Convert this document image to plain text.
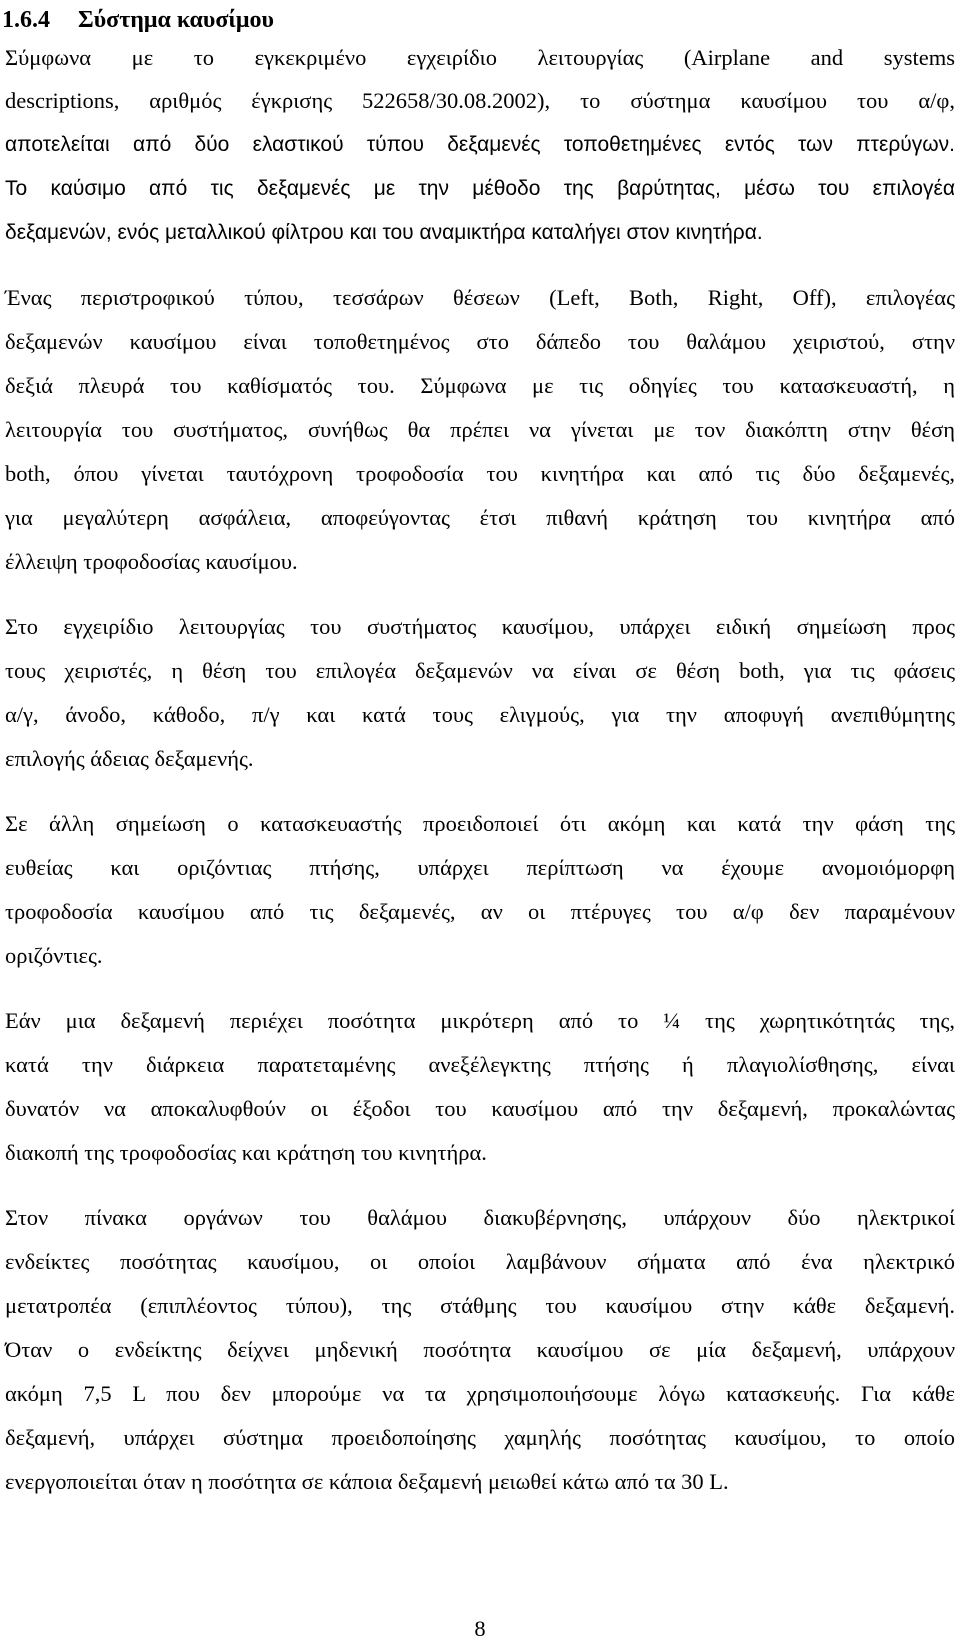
1.6.4 Σύστημα καυσίμου

Σύμφωνα με το εγκεκριμένο εγχειρίδιο λειτουργίας (Airplane and systems

descriptions, αριθμός έγκρισης 522658/30.08.2002), το σύστημα καυσίμου του α/φ,

αποτελείται από δύο ελαστικού τύπου δεξαμενές τοποθετημένες εντός των πτερύγων.

Το καύσιμο από τις δεξαμενές με την μέθοδο της βαρύτητας, μέσω του επιλογέα

δεξαμενών, ενός μεταλλικού φίλτρου και του αναμικτήρα καταλήγει στον κινητήρα.

Ένας περιστροφικού τύπου, τεσσάρων θέσεων (Left, Both, Right, Off), επιλογέας

δεξαμενών καυσίμου είναι τοποθετημένος στο δάπεδο του θαλάμου χειριστού, στην

δεξιά πλευρά του καθίσματός του. Σύμφωνα με τις οδηγίες του κατασκευαστή, η

λειτουργία του συστήματος, συνήθως θα πρέπει να γίνεται με τον διακόπτη στην θέση

both, όπου γίνεται ταυτόχρονη τροφοδοσία του κινητήρα και από τις δύο δεξαμενές,

για μεγαλύτερη ασφάλεια, αποφεύγοντας έτσι πιθανή κράτηση του κινητήρα από

έλλειψη τροφοδοσίας καυσίμου.

Στο εγχειρίδιο λειτουργίας του συστήματος καυσίμου, υπάρχει ειδική σημείωση προς

τους χειριστές, η θέση του επιλογέα δεξαμενών να είναι σε θέση both, για τις φάσεις

α/γ, άνοδο, κάθοδο, π/γ και κατά τους ελιγμούς, για την αποφυγή ανεπιθύμητης

επιλογής άδειας δεξαμενής.

Σε άλλη σημείωση ο κατασκευαστής προειδοποιεί ότι ακόμη και κατά την φάση της

ευθείας και οριζόντιας πτήσης, υπάρχει περίπτωση να έχουμε ανομοιόμορφη

τροφοδοσία καυσίμου από τις δεξαμενές, αν οι πτέρυγες του α/φ δεν παραμένουν

οριζόντιες.

Εάν μια δεξαμενή περιέχει ποσότητα μικρότερη από το ¼ της χωρητικότητάς της,

κατά την διάρκεια παρατεταμένης ανεξέλεγκτης πτήσης ή πλαγιολίσθησης, είναι

δυνατόν να αποκαλυφθούν οι έξοδοι του καυσίμου από την δεξαμενή, προκαλώντας

διακοπή της τροφοδοσίας και κράτηση του κινητήρα.

Στον πίνακα οργάνων του θαλάμου διακυβέρνησης, υπάρχουν δύο ηλεκτρικοί

ενδείκτες ποσότητας καυσίμου, οι οποίοι λαμβάνουν σήματα από ένα ηλεκτρικό

μετατροπέα (επιπλέοντος τύπου), της στάθμης του καυσίμου στην κάθε δεξαμενή.

Όταν ο ενδείκτης δείχνει μηδενική ποσότητα καυσίμου σε μία δεξαμενή, υπάρχουν

ακόμη 7,5 L που δεν μπορούμε να τα χρησιμοποιήσουμε λόγω κατασκευής. Για κάθε

δεξαμενή, υπάρχει σύστημα προειδοποίησης χαμηλής ποσότητας καυσίμου, το οποίο

ενεργοποιείται όταν η ποσότητα σε κάποια δεξαμενή μειωθεί κάτω από τα 30 L.

8
